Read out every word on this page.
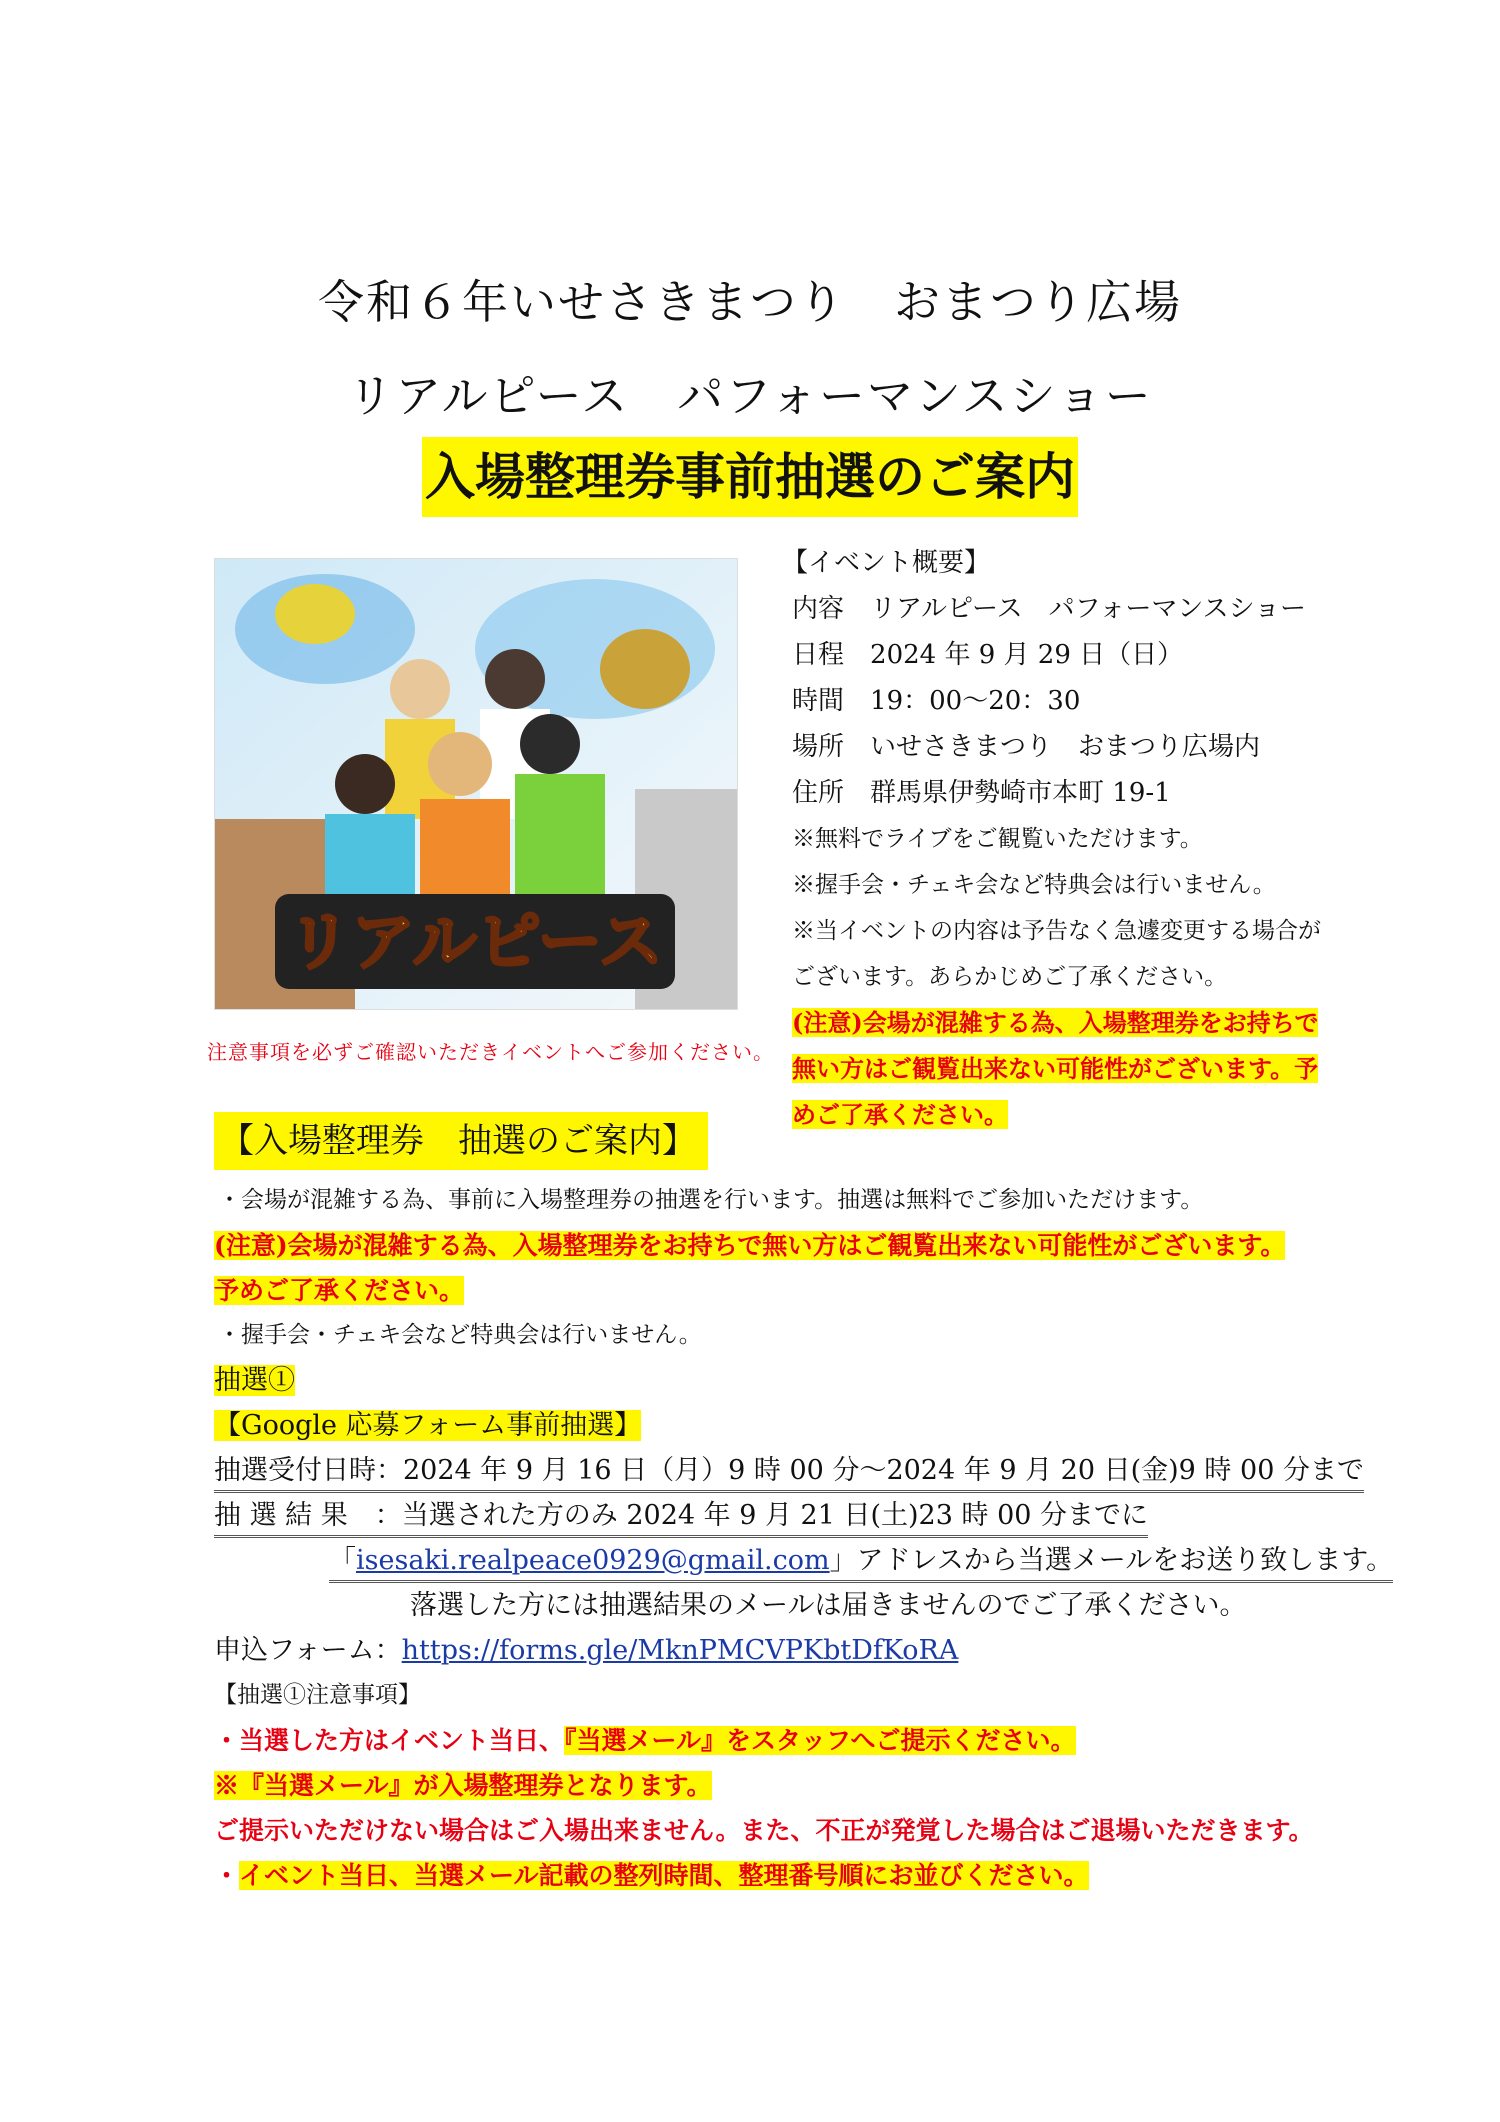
令和６年いせさきまつり　おまつり広場
リアルピース　パフォーマンスショー
入場整理券事前抽選のご案内
リアルピース
注意事項を必ずご確認いただきイベントへご参加ください。
【イベント概要】
内容　 リアルピース　パフォーマンスショー
日程　 2024 年 9 月 29 日（日）
時間　 19：00～20：30
場所　 いせさきまつり　おまつり広場内
住所　 群馬県伊勢崎市本町 19-1
※無料でライブをご観覧いただけます。
※握手会・チェキ会など特典会は行いません。
※当イベントの内容は予告なく急遽変更する場合が
ございます。あらかじめご了承ください。
(注意)会場が混雑する為、入場整理券をお持ちで
無い方はご観覧出来ない可能性がございます。予
めご了承ください。
【入場整理券　抽選のご案内】
・会場が混雑する為、事前に入場整理券の抽選を行います。抽選は無料でご参加いただけます。
(注意)会場が混雑する為、入場整理券をお持ちで無い方はご観覧出来ない可能性がございます。
予めご了承ください。
・握手会・チェキ会など特典会は行いません。
抽選①
【Google 応募フォーム事前抽選】
抽選受付日時：2024 年 9 月 16 日（月）9 時 00 分～2024 年 9 月 20 日(金)9 時 00 分まで
抽 選 結 果　 ：当選された方のみ 2024 年 9 月 21 日(土)23 時 00 分までに
「isesaki.realpeace0929@gmail.com」アドレスから当選メールをお送り致します。
落選した方には抽選結果のメールは届きませんのでご了承ください。
申込フォーム：https://forms.gle/MknPMCVPKbtDfKoRA
【抽選①注意事項】
・当選した方はイベント当日、『当選メール』をスタッフへご提示ください。
※『当選メール』が入場整理券となります。
ご提示いただけない場合はご入場出来ません。また、不正が発覚した場合はご退場いただきます。
・イベント当日、当選メール記載の整列時間、整理番号順にお並びください。
